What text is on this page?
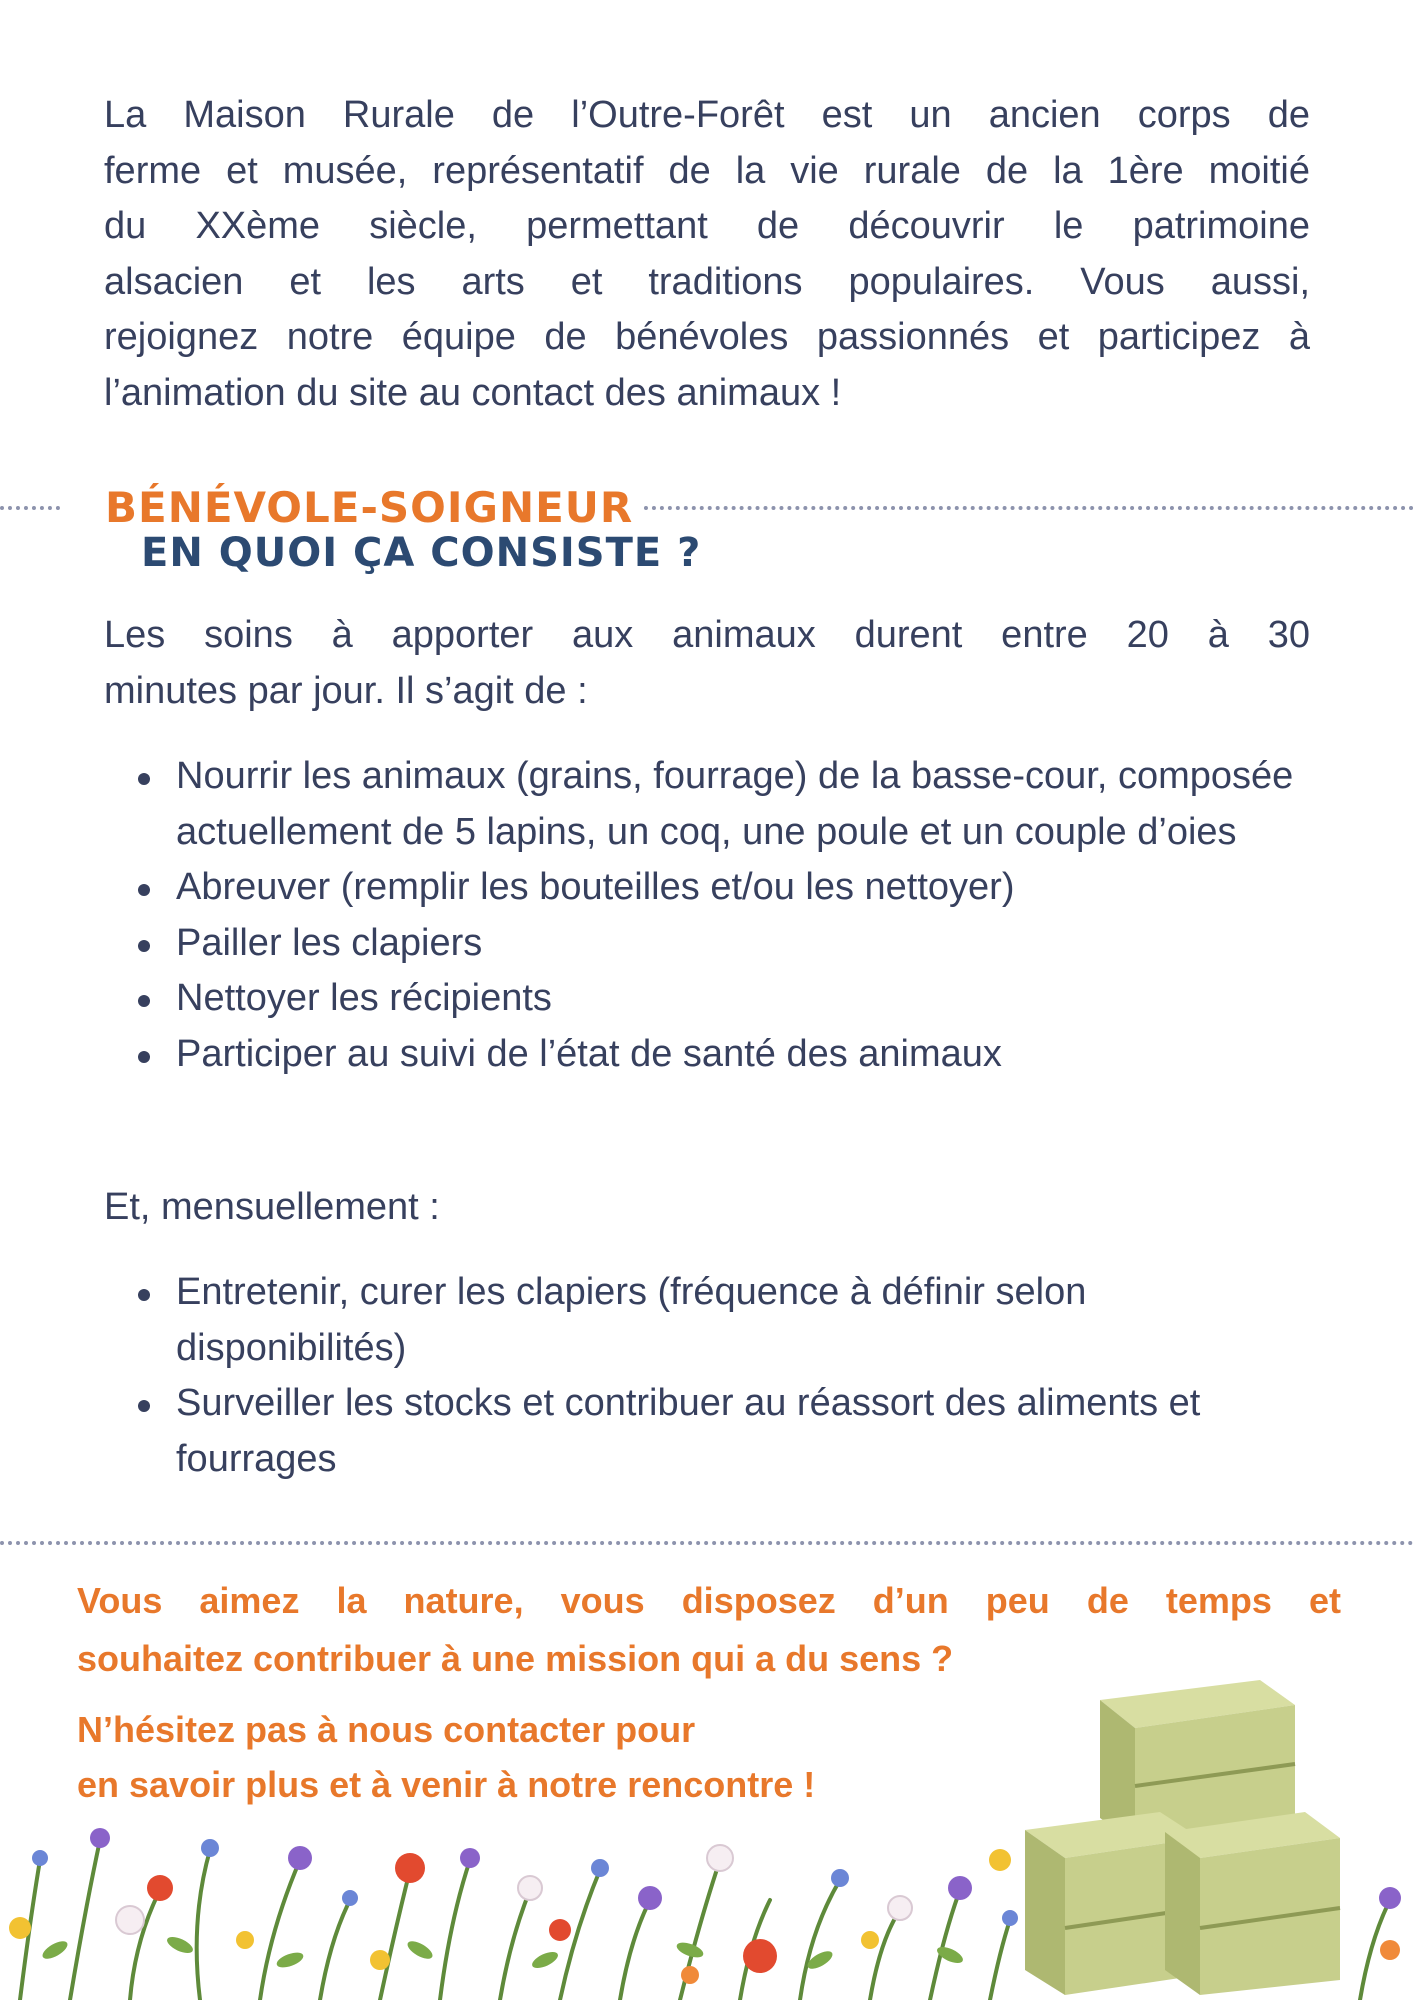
La Maison Rurale de l’Outre-Forêt est un ancien corps de
ferme et musée, représentatif de la vie rurale de la 1ère moitié
du XXème siècle, permettant de découvrir le patrimoine
alsacien et les arts et traditions populaires. Vous aussi,
rejoignez notre équipe de bénévoles passionnés et participez à
l’animation du site au contact des animaux !
BÉNÉVOLE-SOIGNEUR
EN QUOI ÇA CONSISTE ?
Les soins à apporter aux animaux durent entre 20 à 30
minutes par jour. Il s’agit de :
Nourrir les animaux (grains, fourrage) de la basse-cour, composée actuellement de 5 lapins, un coq, une poule et un couple d’oies
Abreuver (remplir les bouteilles et/ou les nettoyer)
Pailler les clapiers
Nettoyer les récipients
Participer au suivi de l’état de santé des animaux
Et, mensuellement :
Entretenir, curer les clapiers (fréquence à définir selon disponibilités)
Surveiller les stocks et contribuer au réassort des aliments et fourrages
Vous aimez la nature, vous disposez d’un peu de temps et
souhaitez contribuer à une mission qui a du sens ?
N’hésitez pas à nous contacter pour
en savoir plus et à venir à notre rencontre !
